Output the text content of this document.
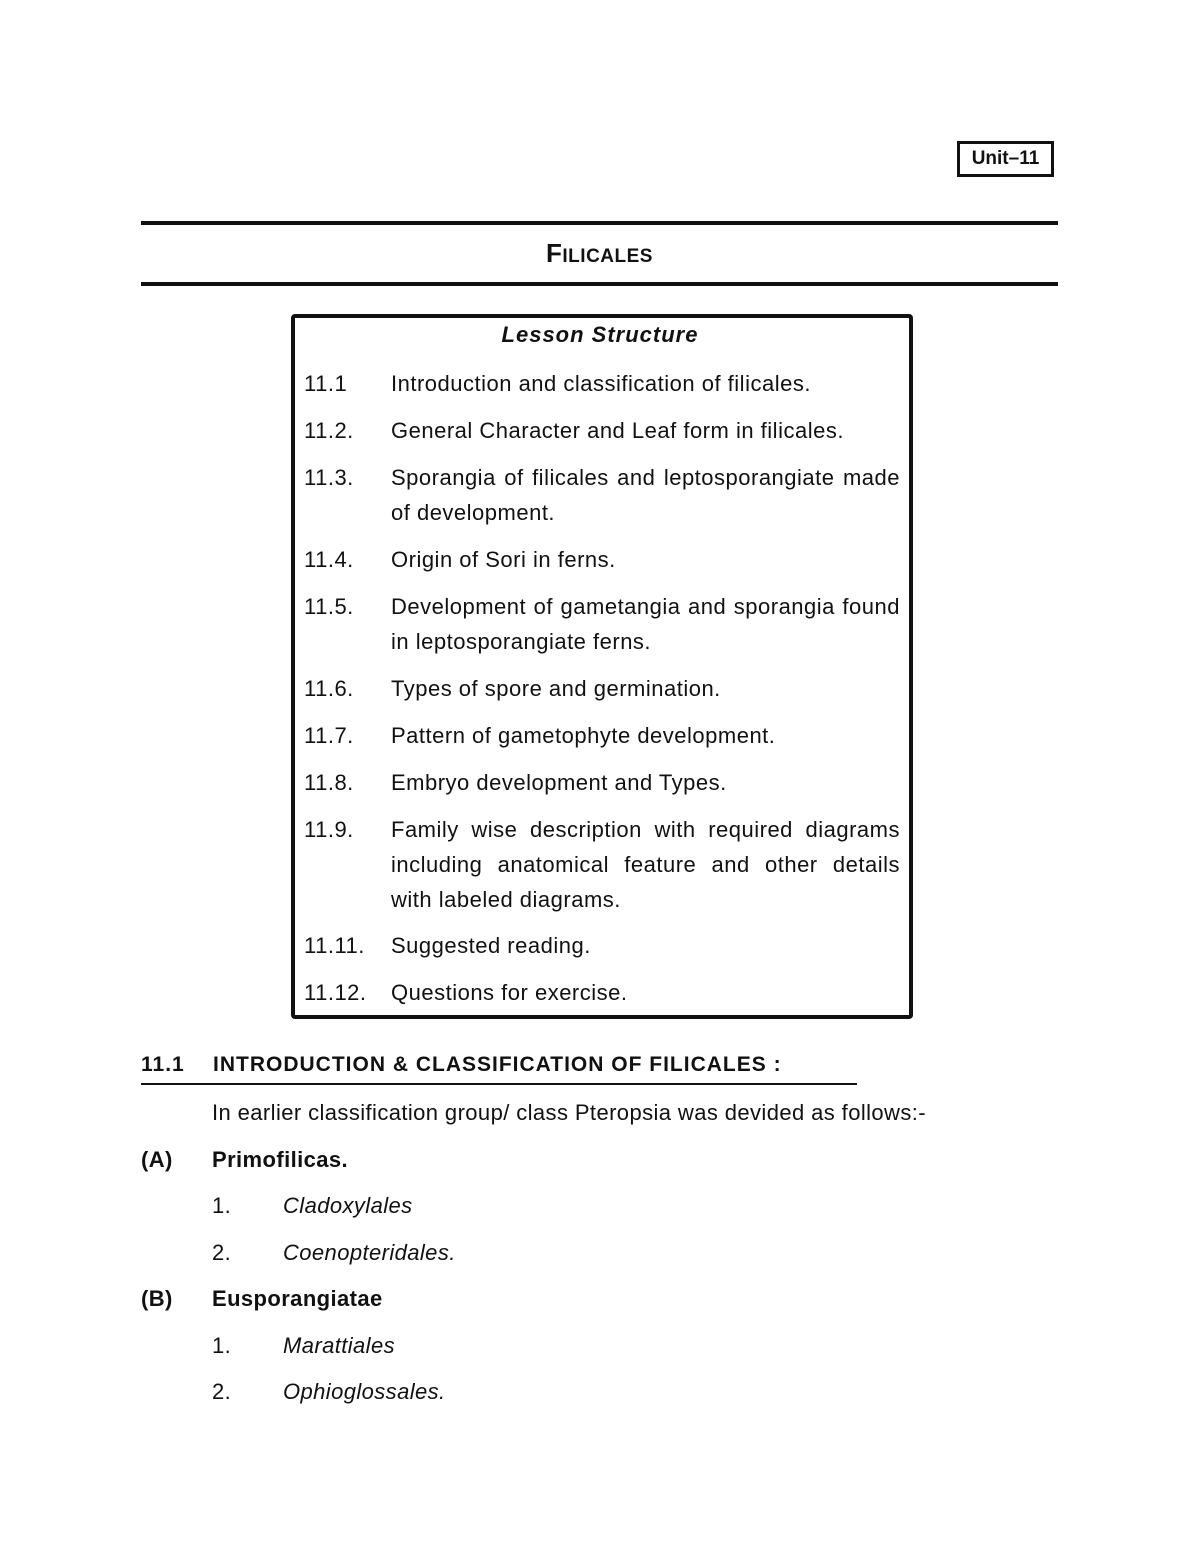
Unit–11
FILICALES
Lesson Structure
11.1 Introduction and classification of filicales.
11.2. General Character and Leaf form in filicales.
11.3. Sporangia of filicales and leptosporangiate made of development.
11.4. Origin of Sori in ferns.
11.5. Development of gametangia and sporangia found in leptosporangiate ferns.
11.6. Types of spore and germination.
11.7. Pattern of gametophyte development.
11.8. Embryo development and Types.
11.9. Family wise description with required diagrams including anatomical feature and other details with labeled diagrams.
11.11. Suggested reading.
11.12. Questions for exercise.
11.1 INTRODUCTION & CLASSIFICATION OF FILICALES :
In earlier classification group/ class Pteropsia was devided as follows:-
(A) Primofilicas.
1. Cladoxylales
2. Coenopteridales.
(B) Eusporangiatae
1. Marattiales
2. Ophioglossales.
